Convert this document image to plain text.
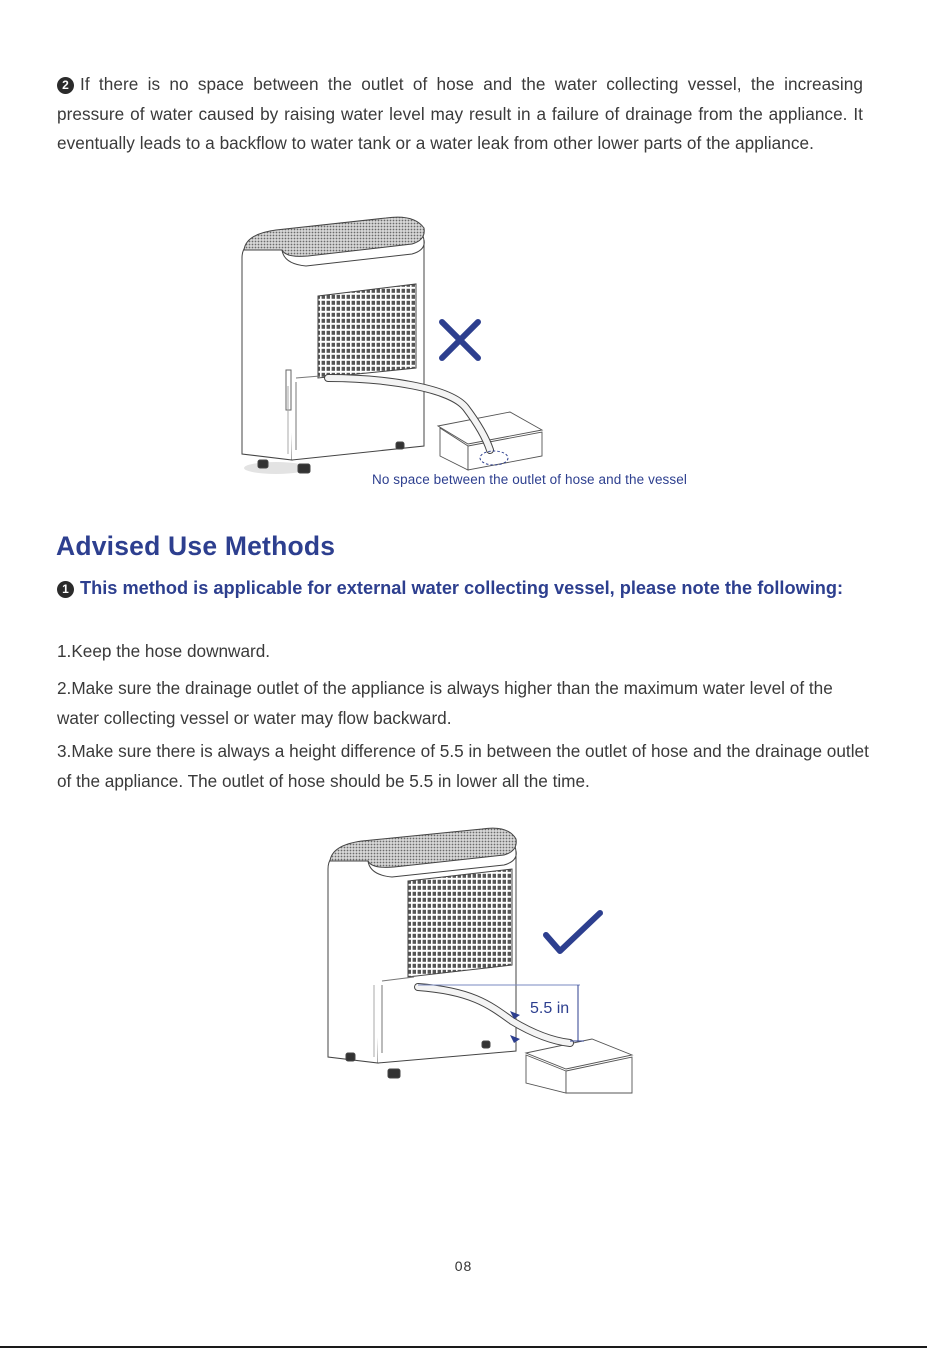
2 If there is no space between the outlet of hose and the water collecting vessel, the increasing pressure of water caused by raising water level may result in a failure of drainage from the appliance. It eventually leads to a backflow to water tank or a water leak from other lower parts of the appliance.
No space between the outlet of hose and the vessel
Advised Use Methods
1 This method is applicable for external water collecting vessel, please note the following:
1.Keep the hose downward.
2.Make sure the drainage outlet of the appliance is always higher than the maximum water level of the water collecting vessel or water may flow backward.
3.Make sure there is always a height difference of 5.5 in between the outlet of hose and the drainage outlet of the appliance. The outlet of hose should be 5.5 in lower all the time.
5.5 in
08
